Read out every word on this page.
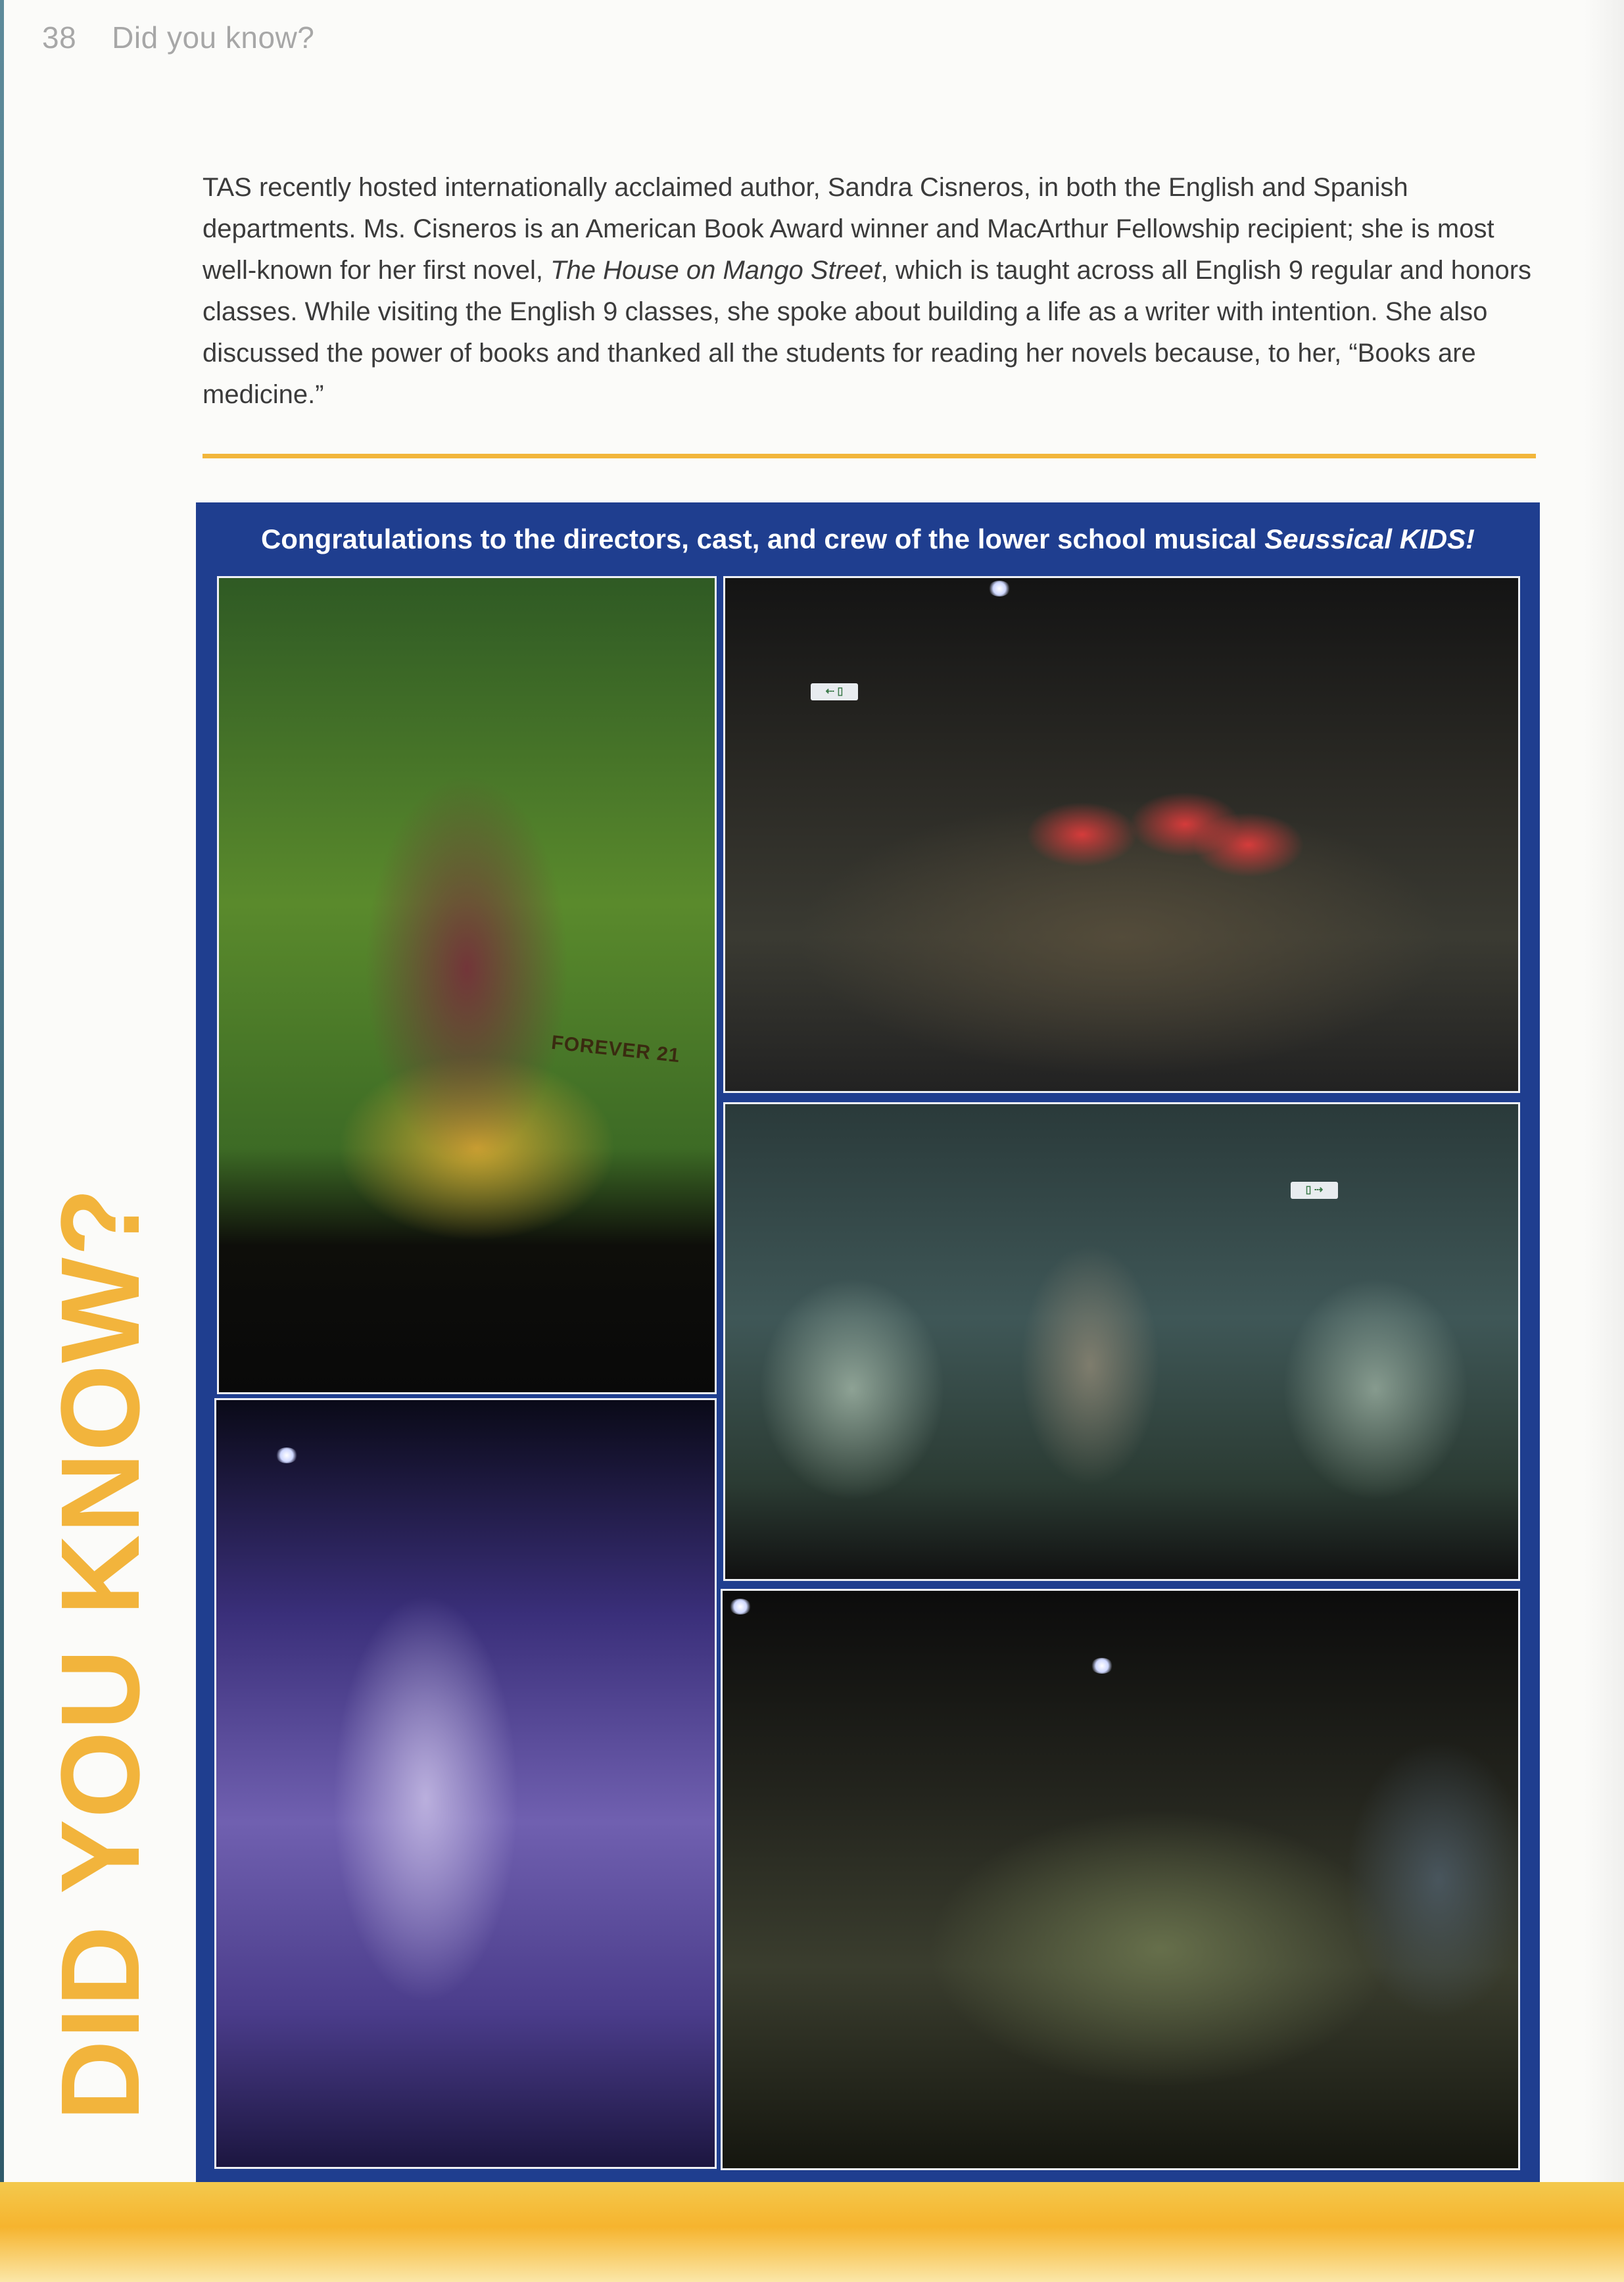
38 Did you know?
TAS recently hosted internationally acclaimed author, Sandra Cisneros, in both the English and Spanish departments. Ms. Cisneros is an American Book Award winner and MacArthur Fellowship recipient; she is most well-known for her first novel, The House on Mango Street, which is taught across all English 9 regular and honors classes. While visiting the English 9 classes, she spoke about building a life as a writer with intention. She also discussed the power of books and thanked all the students for reading her novels because, to her, “Books are medicine.”
DID YOU KNOW?
Congratulations to the directors, cast, and crew of the lower school musical Seussical KIDS!
FOREVER 21
⇠ ▯
▯ ⇢
